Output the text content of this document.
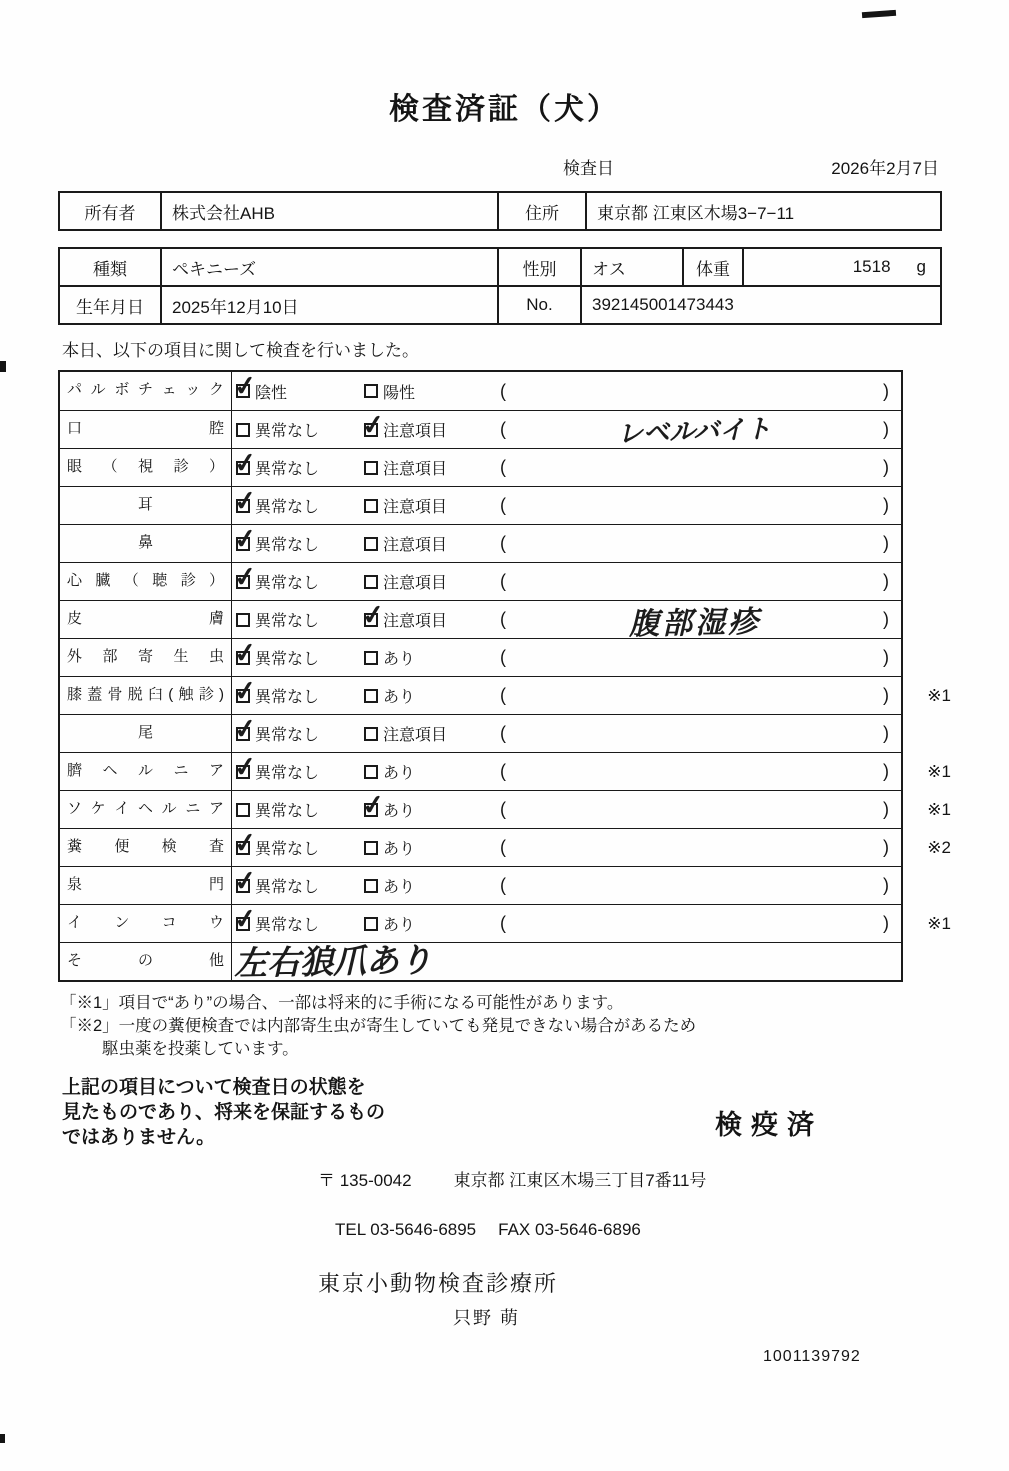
検査済証（犬）
検査日	2026年2月7日
所有者	株式会社AHB	住所	東京都 江東区木場3−7−11
種類	ペキニーズ	性別	オス	体重	1518 g

生年月日	2025年12月10日	No.	392145001473443		
本日、以下の項目に関して検査を行いました。
パ ル ボ チ ェ ッ ク ✓	陰性	陽性	(	)
口 腔	異常なし ✓	注意項目	(	レベルバイト	)
眼 （ 視 診 ） ✓	異常なし	注意項目	(	)
耳 ✓	異常なし	注意項目	(	)
鼻 ✓	異常なし	注意項目	(	)
心 臓 （ 聴 診 ） ✓	異常なし	注意項目	(	)
皮 膚	異常なし ✓	注意項目	(	腹部湿疹	)
外 部 寄 生 虫 ✓	異常なし	あり	(	)
膝蓋骨脱臼(触診) ✓	異常なし	あり	(	) ※1
尾 ✓	異常なし	注意項目	(	)
臍 ヘ ル ニ ア ✓	異常なし	あり	(	) ※1
ソ ケ イ ヘ ル ニ ア	異常なし ✓	あり	(	) ※1
糞 便 検 査 ✓	異常なし	あり	(	) ※2
泉 門 ✓	異常なし	あり	(	)
イ ン コ ウ ✓	異常なし	あり	(	) ※1
そ の 他 左右狼爪あり
「※1」項目で“あり”の場合、一部は将来的に手術になる可能性があります。
「※2」一度の糞便検査では内部寄生虫が寄生していても発見できない場合があるため
駆虫薬を投薬しています。
上記の項目について検査日の状態を
見たものであり、将来を保証するもの
ではありません。	検疫済
〒 135-0042 東京都 江東区木場三丁目7番11号
TEL 03-5646-6895 FAX 03-5646-6896
東京小動物検査診療所
只野 萌
1001139792
